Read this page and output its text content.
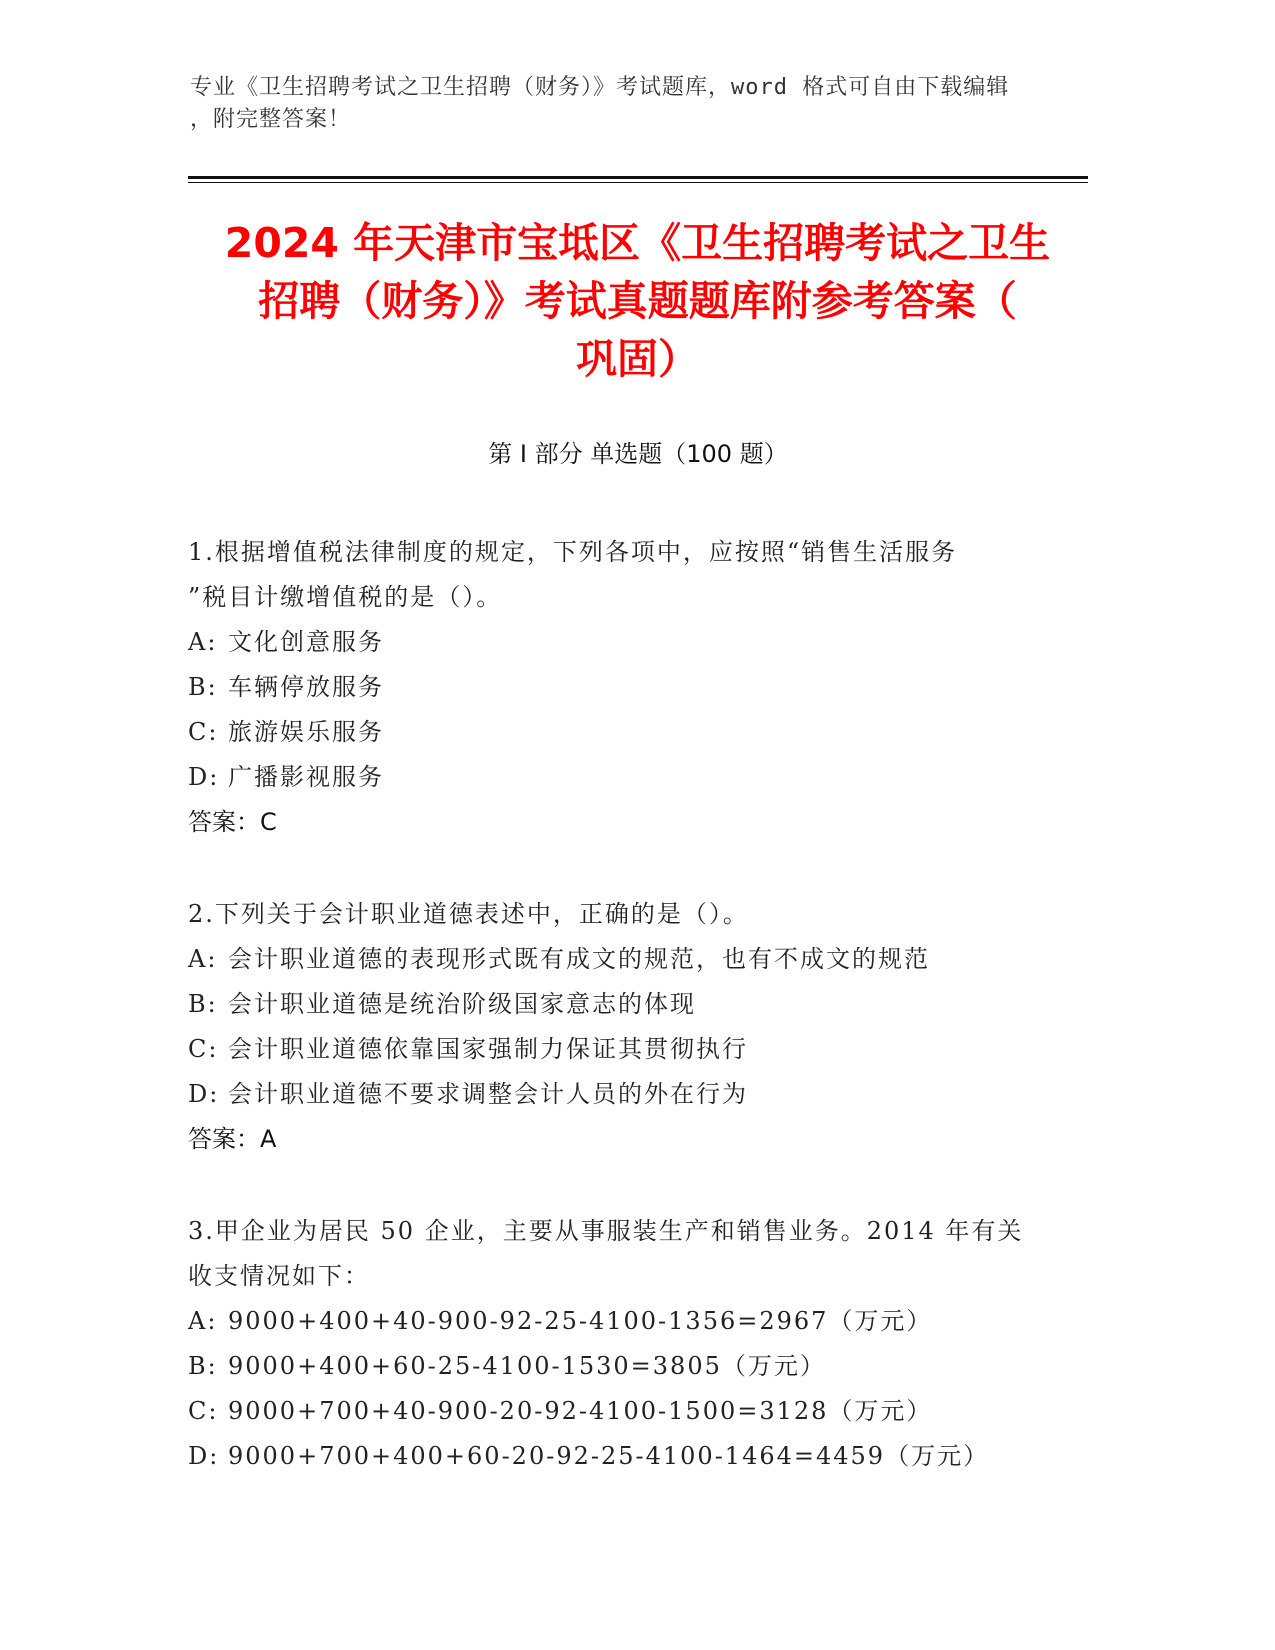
专业《卫生招聘考试之卫生招聘（财务）》考试题库，word 格式可自由下载编辑
，附完整答案！
2024 年天津市宝坻区《卫生招聘考试之卫生
招聘（财务）》考试真题题库附参考答案（
巩固）
第 I 部分 单选题（100 题）
1.根据增值税法律制度的规定，下列各项中，应按照“销售生活服务
”税目计缴增值税的是（）。
A: 文化创意服务
B: 车辆停放服务
C: 旅游娱乐服务
D: 广播影视服务
答案：C
2.下列关于会计职业道德表述中，正确的是（）。
A: 会计职业道德的表现形式既有成文的规范，也有不成文的规范
B: 会计职业道德是统治阶级国家意志的体现
C: 会计职业道德依靠国家强制力保证其贯彻执行
D: 会计职业道德不要求调整会计人员的外在行为
答案：A
3.甲企业为居民 50 企业，主要从事服装生产和销售业务。2014 年有关
收支情况如下：
A: 9000+400+40-900-92-25-4100-1356=2967（万元）
B: 9000+400+60-25-4100-1530=3805（万元）
C: 9000+700+40-900-20-92-4100-1500=3128（万元）
D: 9000+700+400+60-20-92-25-4100-1464=4459（万元）
